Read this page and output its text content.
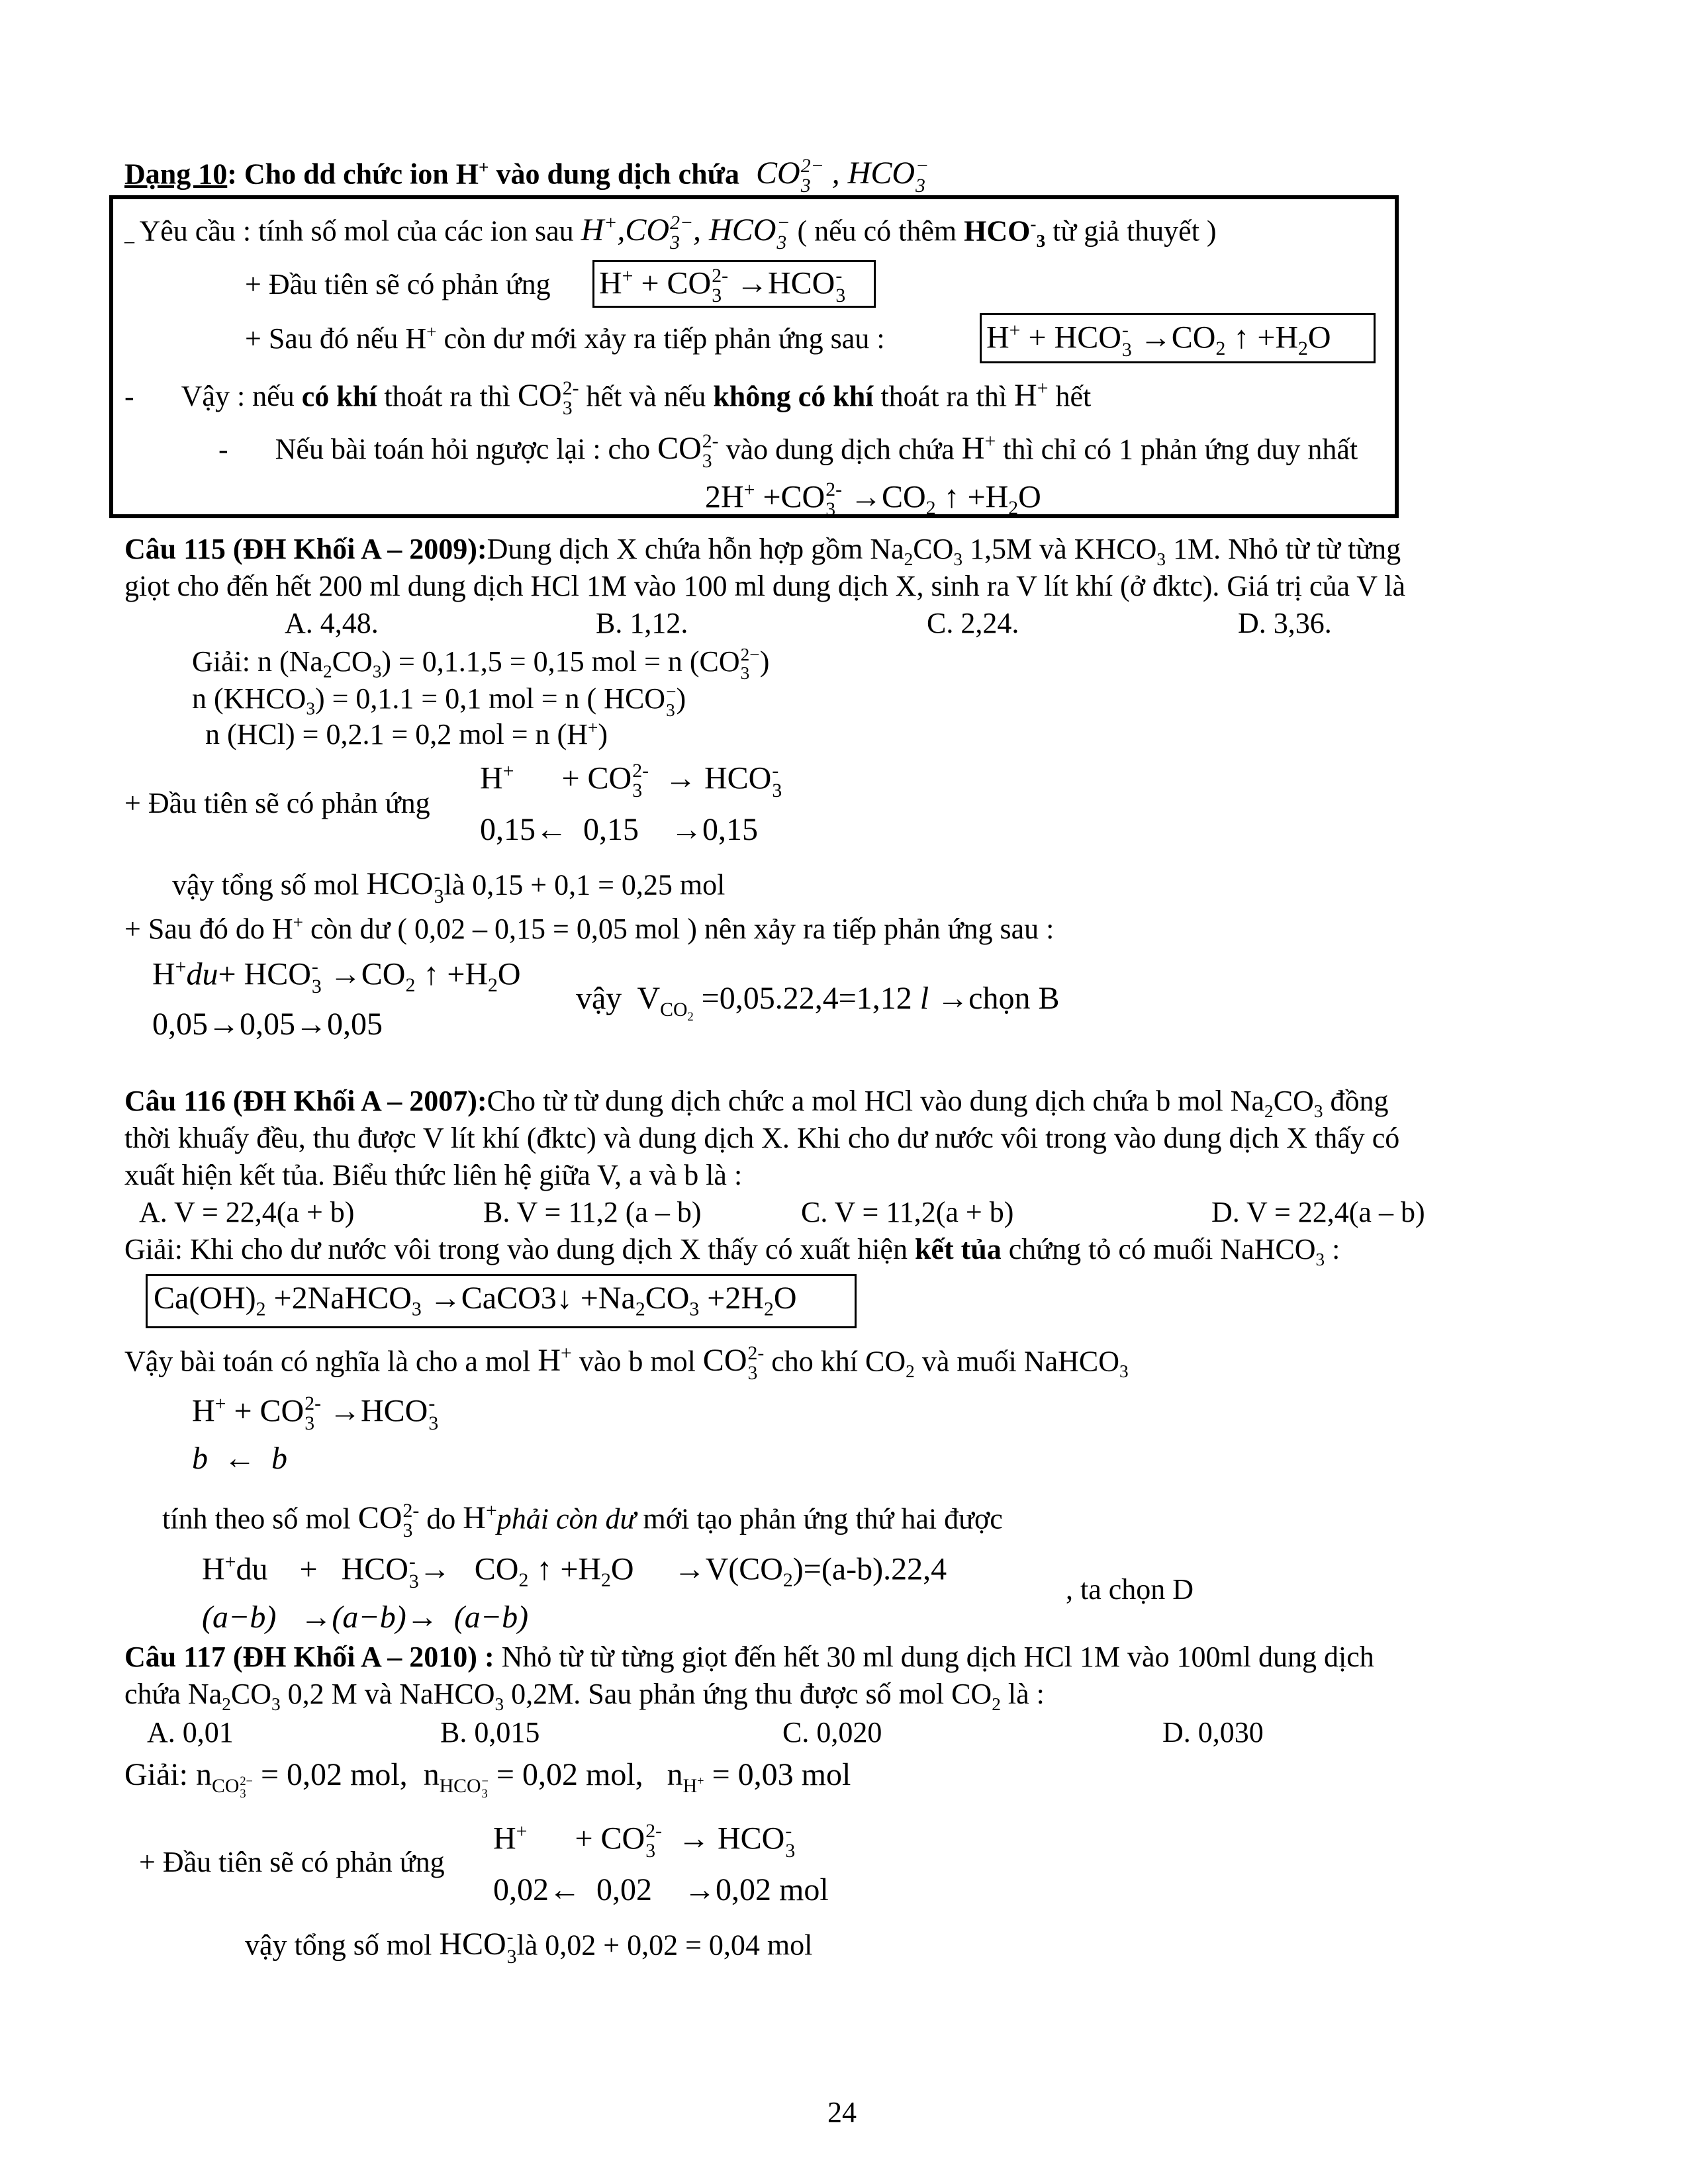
Dạng 10: Cho dd chức ion H+ vào dung dịch chứa CO 2−
3 , HCO −
3
_ Yêu cầu : tính số mol của các ion sau H+,CO 2−
3 , HCO −
3 ( nếu có thêm $HCO^-_3$ từ giả thuyết )
+ Đầu tiên sẽ có phản ứng H+ + CO 2-
3 →HCO -
3
+ Sau đó nếu H+ còn dư mới xảy ra tiếp phản ứng sau :	H+ + HCO -
$3 \to CO_2$ ↑ $+H_2O$
- Vậy : nếu có khí thoát ra thì CO 2-
3 hết và nếu không có khí thoát ra thì H+ hết
- Nếu bài toán hỏi ngược lại : cho CO 2-
3 vào dung dịch chứa H+ thì chỉ có 1 phản ứng duy nhất
2H+ +CO 2-
$3 \to CO_2$ ↑ $+H_2O$
Câu 115 (ĐH Khối A – 2009):Dung dịch X chứa hỗn hợp gồm $Na_2CO_3$ 1,5M và $KHCO_3$ 1M. Nhỏ từ từ từng
giọt cho đến hết 200 ml dung dịch HCl 1M vào 100 ml dung dịch X, sinh ra V lít khí (ở đktc). Giá trị của V là
A. 4,48.	B. 1,12.	C. 2,24.	D. 3,36.
Giải: n $(Na_2CO_3) = 0,1.1,5 = 0,15$ mol = n (CO 2−
3 )
n $(KHCO_3) = 0,1.1 = 0,1$ mol = n ( HCO −
3 )
n (HCl) = 0,2.1 = 0,2 mol = n (H+)
H+      + CO 2-
3 → HCO -
3
+ Đầu tiên sẽ có phản ứng
0,15←  0,15    →0,15
vậy tổng số mol HCO -
3 là 0,15 + 0,1 = 0,25 mol
+ Sau đó do H+ còn dư ( 0,02 – 0,15 = 0,05 mol ) nên xảy ra tiếp phản ứng sau :
H+du+ HCO -
$3 \to CO_2$ ↑ $+H_2O$
0,05→0,05→0,05
vậy  $V_{CO_2} =0,05.22,4=1,12$ l →chọn B
Câu 116 (ĐH Khối A – 2007):Cho từ từ dung dịch chức a mol HCl vào dung dịch chứa b mol $Na_2CO_3$ đồng
thời khuấy đều, thu được V lít khí (đktc) và dung dịch X. Khi cho dư nước vôi trong vào dung dịch X thấy có
xuất hiện kết tủa. Biểu thức liên hệ giữa V, a và b là :
A. V = 22,4(a + b)	B. V = 11,2 (a – b)	C. V = 11,2(a + b)	D. V = 22,4(a – b)
Giải: Khi cho dư nước vôi trong vào dung dịch X thấy có xuất hiện kết tủa chứng tỏ có muối NaHCO$_3$ :
$Ca(OH)_2$ +2NaHCO$_3$ →CaCO3↓ $+Na_2CO_3 +2H_2O$
Vậy bài toán có nghĩa là cho a mol H+ vào b mol CO 2-
3 cho khí $CO_2$ và muối NaHCO$_3$
H+ + CO 2-
3 →HCO -
3
b  ←  b
tính theo số mol CO 2-
3 do H+phải còn dư mới tạo phản ứng thứ hai được
H+du    +   HCO -
$3 \to CO_2$ ↑ $+H_2O$     $\to V(CO_2)=(a-b).22,4$
(a−b)   →(a−b)→  (a−b)
, ta chọn D
Câu 117 (ĐH Khối A – 2010) : Nhỏ từ từ từng giọt đến hết 30 ml dung dịch HCl 1M vào 100ml dung dịch
chứa $Na_2CO_3$ 0,2 M và NaHCO$_3$ 0,2M. Sau phản ứng thu được số mol $CO_2$ là :
A. 0,01	B. 0,015	C. 0,020	D. 0,030
Giải: $n_{CO 2- 3}$
= 0,02 mol,  $n_{HCO - 3}$
= 0,02 mol,   $n_{H^+} = 0,03$ mol
H+      + CO 2-
3 → HCO -
3
+ Đầu tiên sẽ có phản ứng
0,02←  0,02    →0,02 mol
vậy tổng số mol HCO -
3 là 0,02 + 0,02 = 0,04 mol
24
